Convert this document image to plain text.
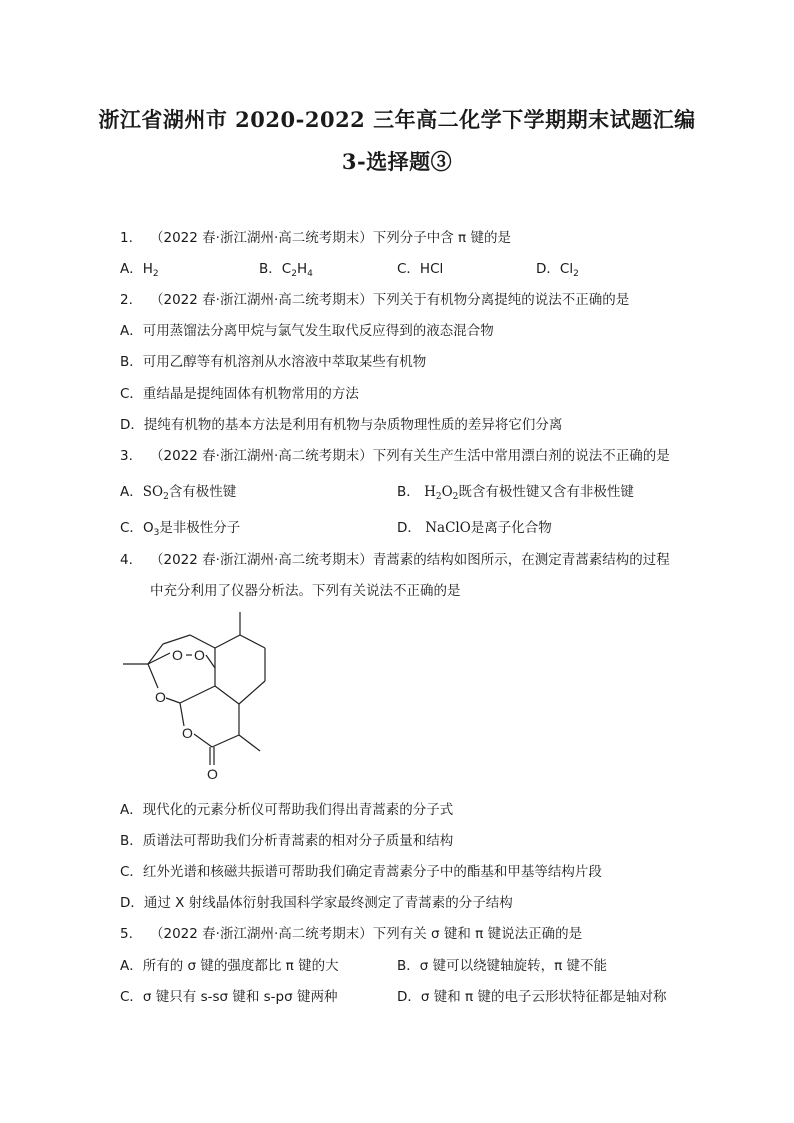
浙江省湖州市 2020-2022 三年高二化学下学期期末试题汇编
3-选择题③
1. （2022 春·浙江湖州·高二统考期末）下列分子中含 π 键的是
A．$H_2$	B．$C_2H_4$	C．HCl	D．$Cl_2$
2. （2022 春·浙江湖州·高二统考期末）下列关于有机物分离提纯的说法不正确的是
A．可用蒸馏法分离甲烷与氯气发生取代反应得到的液态混合物
B．可用乙醇等有机溶剂从水溶液中萃取某些有机物
C．重结晶是提纯固体有机物常用的方法
D．提纯有机物的基本方法是利用有机物与杂质物理性质的差异将它们分离
3. （2022 春·浙江湖州·高二统考期末）下列有关生产生活中常用漂白剂的说法不正确的是
A．$SO_2$含有极性键	B． $H_2O_2$既含有极性键又含有非极性键
C．$O_3$是非极性分子	D． NaClO是离子化合物
4. （2022 春·浙江湖州·高二统考期末）青蒿素的结构如图所示，在测定青蒿素结构的过程
中充分利用了仪器分析法。下列有关说法不正确的是
O O
O
O
O
A．现代化的元素分析仪可帮助我们得出青蒿素的分子式
B．质谱法可帮助我们分析青蒿素的相对分子质量和结构
C．红外光谱和核磁共振谱可帮助我们确定青蒿素分子中的酯基和甲基等结构片段
D．通过 X 射线晶体衍射我国科学家最终测定了青蒿素的分子结构
5. （2022 春·浙江湖州·高二统考期末）下列有关 σ 键和 π 键说法正确的是
A．所有的 σ 键的强度都比 π 键的大	B．σ 键可以绕键轴旋转，π 键不能
C．σ 键只有 s-sσ 键和 s-pσ 键两种	D．σ 键和 π 键的电子云形状特征都是轴对称
